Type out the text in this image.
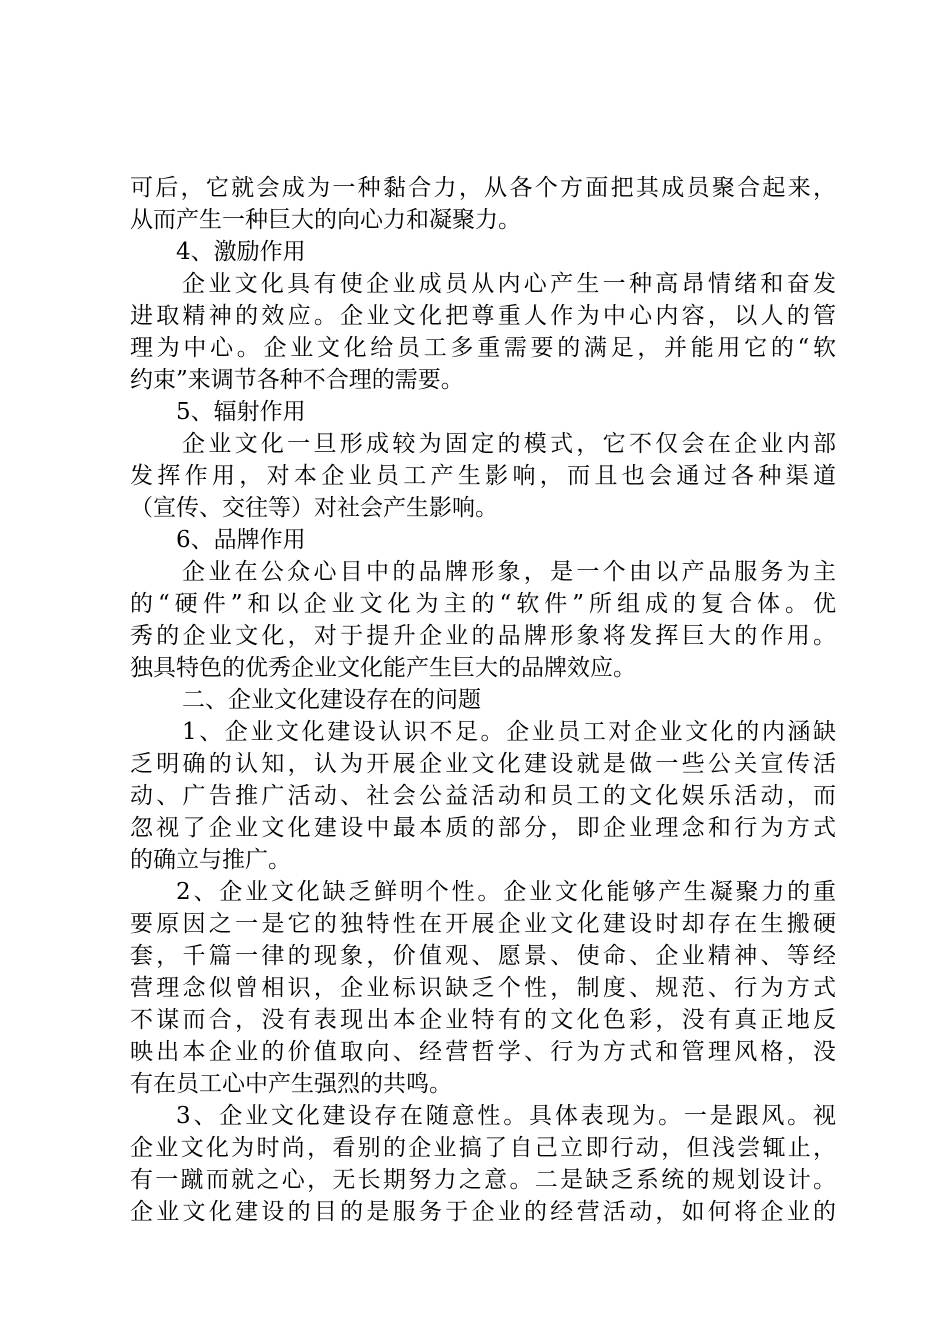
可后，它就会成为一种黏合力，从各个方面把其成员聚合起来，
从而产生一种巨大的向心力和凝聚力。
4、激励作用
企业文化具有使企业成员从内心产生一种高昂情绪和奋发
进取精神的效应。企业文化把尊重人作为中心内容，以人的管
理为中心。企业文化给员工多重需要的满足，并能用它的“软
约束”来调节各种不合理的需要。
5、辐射作用
企业文化一旦形成较为固定的模式，它不仅会在企业内部
发挥作用，对本企业员工产生影响，而且也会通过各种渠道
（宣传、交往等）对社会产生影响。
6、品牌作用
企业在公众心目中的品牌形象，是一个由以产品服务为主
的“硬件”和以企业文化为主的“软件”所组成的复合体。优
秀的企业文化，对于提升企业的品牌形象将发挥巨大的作用。
独具特色的优秀企业文化能产生巨大的品牌效应。
二、企业文化建设存在的问题
1、企业文化建设认识不足。企业员工对企业文化的内涵缺
乏明确的认知，认为开展企业文化建设就是做一些公关宣传活
动、广告推广活动、社会公益活动和员工的文化娱乐活动，而
忽视了企业文化建设中最本质的部分，即企业理念和行为方式
的确立与推广。
2、企业文化缺乏鲜明个性。企业文化能够产生凝聚力的重
要原因之一是它的独特性在开展企业文化建设时却存在生搬硬
套，千篇一律的现象，价值观、愿景、使命、企业精神、等经
营理念似曾相识，企业标识缺乏个性，制度、规范、行为方式
不谋而合，没有表现出本企业特有的文化色彩，没有真正地反
映出本企业的价值取向、经营哲学、行为方式和管理风格，没
有在员工心中产生强烈的共鸣。
3、企业文化建设存在随意性。具体表现为。一是跟风。视
企业文化为时尚，看别的企业搞了自己立即行动，但浅尝辄止，
有一蹴而就之心，无长期努力之意。二是缺乏系统的规划设计。
企业文化建设的目的是服务于企业的经营活动，如何将企业的
